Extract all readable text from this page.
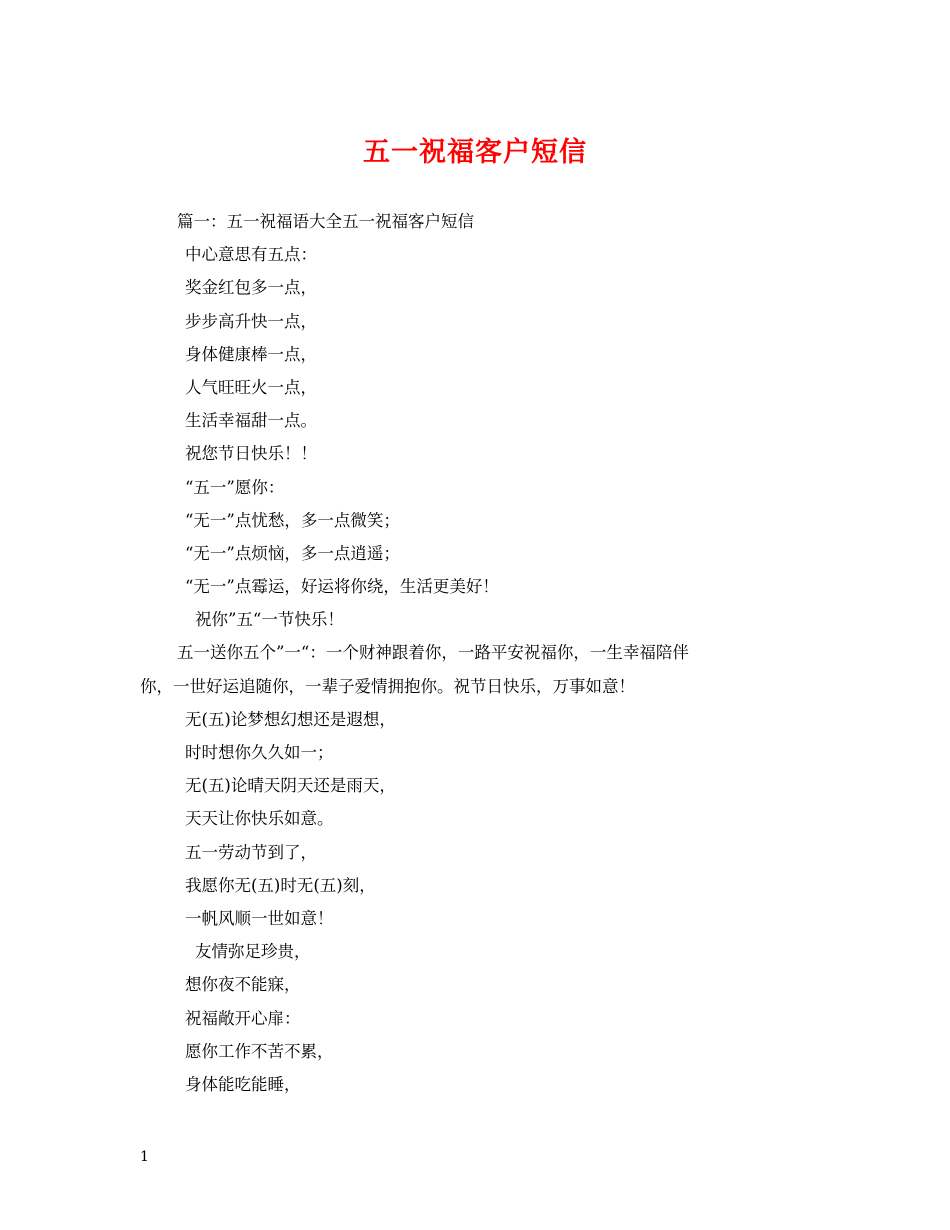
五一祝福客户短信
篇一：五一祝福语大全五一祝福客户短信
中心意思有五点：
奖金红包多一点，
步步高升快一点，
身体健康棒一点，
人气旺旺火一点，
生活幸福甜一点。
祝您节日快乐！！
“五一”愿你：
“无一”点忧愁，多一点微笑；
“无一”点烦恼，多一点逍遥；
“无一”点霉运，好运将你绕，生活更美好！
祝你”五“一节快乐！
五一送你五个”一“：一个财神跟着你，一路平安祝福你，一生幸福陪伴
你，一世好运追随你，一辈子爱情拥抱你。祝节日快乐，万事如意！
无(五)论梦想幻想还是遐想，
时时想你久久如一；
无(五)论晴天阴天还是雨天，
天天让你快乐如意。
五一劳动节到了，
我愿你无(五)时无(五)刻，
一帆风顺一世如意！
友情弥足珍贵，
想你夜不能寐，
祝福敞开心扉：
愿你工作不苦不累，
身体能吃能睡，
1
